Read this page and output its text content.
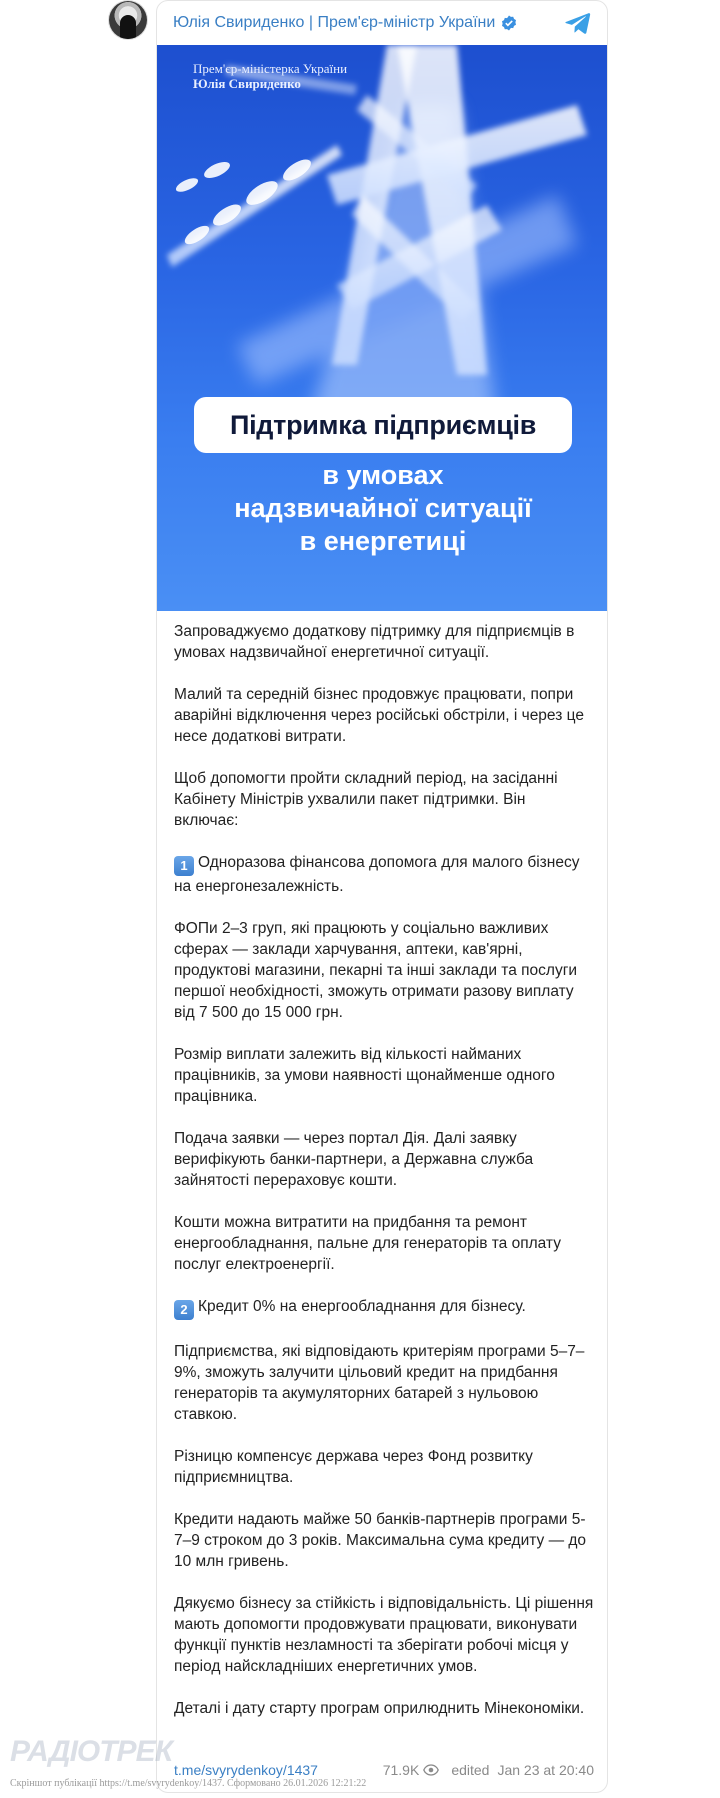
Юлія Свириденко | Прем'єр-міністр України
Прем'єр-міністерка України
Юлія Свириденко
Підтримка підприємців
в умовах
надзвичайної ситуації
в енергетиці

Запроваджуємо додаткову підтримку для підприємців в умовах надзвичайної енергетичної ситуації.

Малий та середній бізнес продовжує працювати, попри аварійні відключення через російські обстріли, і через це несе додаткові витрати.

Щоб допомогти пройти складний період, на засіданні Кабінету Міністрів ухвалили пакет підтримки. Він включає:

1 Одноразова фінансова допомога для малого бізнесу на енергонезалежність.

ФОПи 2–3 груп, які працюють у соціально важливих сферах — заклади харчування, аптеки, кав'ярні, продуктові магазини, пекарні та інші заклади та послуги першої необхідності, зможуть отримати разову виплату від 7 500 до 15 000 грн.

Розмір виплати залежить від кількості найманих працівників, за умови наявності щонайменше одного працівника.

Подача заявки — через портал Дія. Далі заявку верифікують банки-партнери, а Державна служба зайнятості перераховує кошти.

Кошти можна витратити на придбання та ремонт енергообладнання, пальне для генераторів та оплату послуг електроенергії.

2 Кредит 0% на енергообладнання для бізнесу.

Підприємства, які відповідають критеріям програми 5–7–9%, зможуть залучити цільовий кредит на придбання генераторів та акумуляторних батарей з нульовою ставкою.

Різницю компенсує держава через Фонд розвитку підприємництва.

Кредити надають майже 50 банків-партнерів програми 5-7–9 строком до 3 років. Максимальна сума кредиту — до 10 млн гривень.

Дякуємо бізнесу за стійкість і відповідальність. Ці рішення мають допомогти продовжувати працювати, виконувати функції пунктів незламності та зберігати робочі місця у період найскладніших енергетичних умов.

Деталі і дату старту програм оприлюднить Мінекономіки.

t.me/svyrydenkoy/1437	71.9K edited Jan 23 at 20:40
РАДІОТРЕК
Скріншот публікації https://t.me/svyrydenkoy/1437. Сформовано 26.01.2026 12:21:22
